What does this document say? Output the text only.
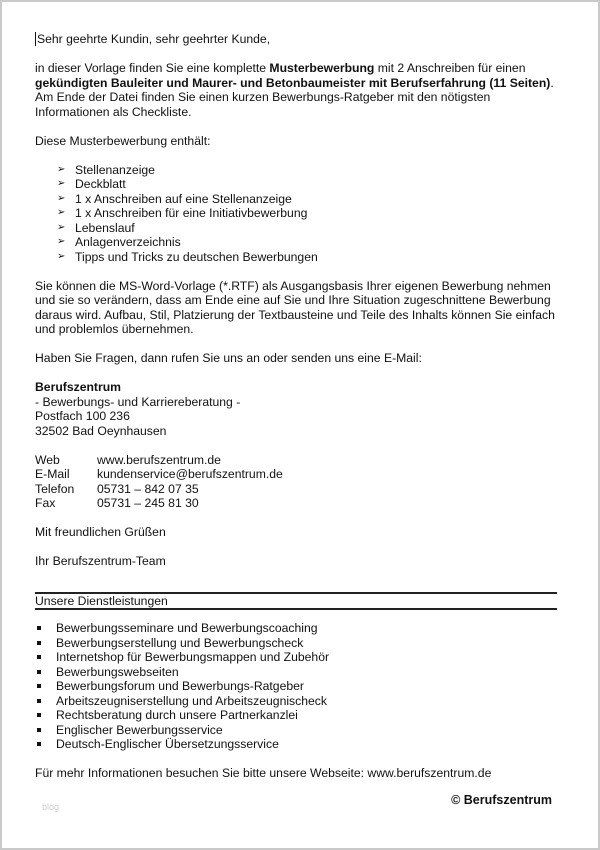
Sehr geehrte Kundin, sehr geehrter Kunde,

in dieser Vorlage finden Sie eine komplette Musterbewerbung mit 2 Anschreiben für einen gekündigten Bauleiter und Maurer- und Betonbaumeister mit Berufserfahrung (11 Seiten). Am Ende der Datei finden Sie einen kurzen Bewerbungs-Ratgeber mit den nötigsten Informationen als Checkliste.

Diese Musterbewerbung enthält:

➢ Stellenanzeige
➢ Deckblatt
➢ 1 x Anschreiben auf eine Stellenanzeige
➢ 1 x Anschreiben für eine Initiativbewerbung
➢ Lebenslauf
➢ Anlagenverzeichnis
➢ Tipps und Tricks zu deutschen Bewerbungen

Sie können die MS-Word-Vorlage (*.RTF) als Ausgangsbasis Ihrer eigenen Bewerbung nehmen und sie so verändern, dass am Ende eine auf Sie und Ihre Situation zugeschnittene Bewerbung daraus wird. Aufbau, Stil, Platzierung der Textbausteine und Teile des Inhalts können Sie einfach und problemlos übernehmen.

Haben Sie Fragen, dann rufen Sie uns an oder senden uns eine E-Mail:

Berufszentrum

- Bewerbungs- und Karriereberatung -

Postfach 100 236

32502 Bad Oeynhausen

Web	www.berufszentrum.de
E-Mail	kundenservice@berufszentrum.de
Telefon	05731 – 842 07 35
Fax	05731 – 245 81 30

Mit freundlichen Grüßen

Ihr Berufszentrum-Team

Unsere Dienstleistungen

Bewerbungsseminare und Bewerbungscoaching
Bewerbungserstellung und Bewerbungscheck
Internetshop für Bewerbungsmappen und Zubehör
Bewerbungswebseiten
Bewerbungsforum und Bewerbungs-Ratgeber
Arbeitszeugniserstellung und Arbeitszeugnischeck
Rechtsberatung durch unsere Partnerkanzlei
Englischer Bewerbungsservice
Deutsch-Englischer Übersetzungsservice

Für mehr Informationen besuchen Sie bitte unsere Webseite: www.berufszentrum.de

blog	© Berufszentrum
